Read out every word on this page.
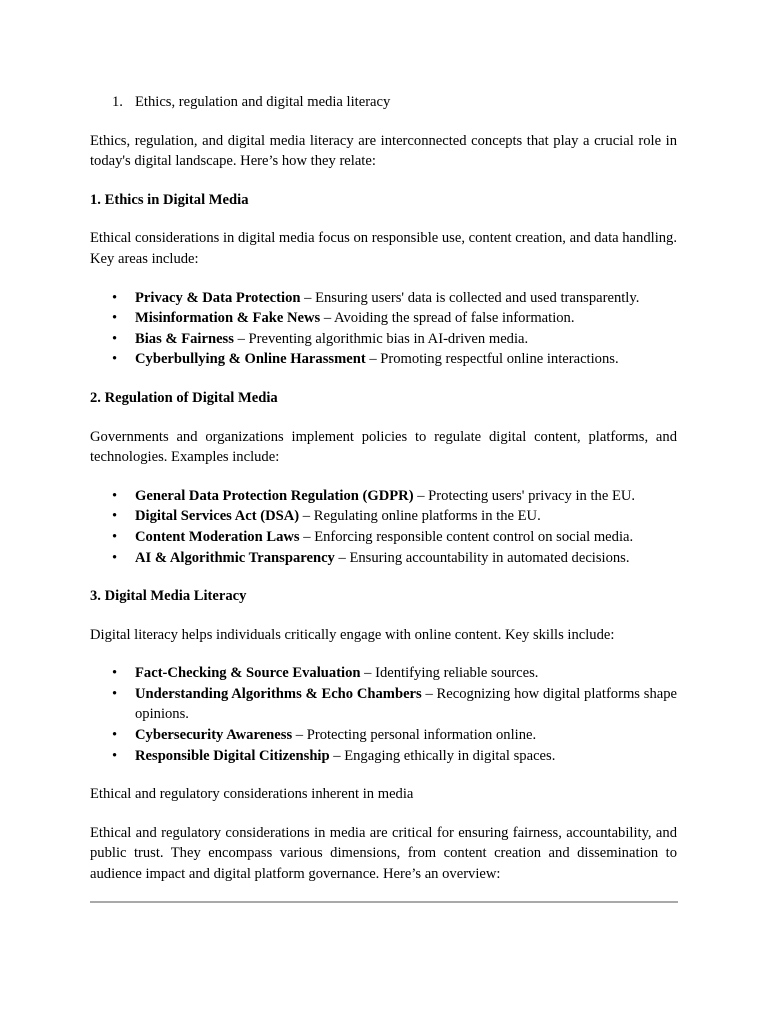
1. Ethics, regulation and digital media literacy

Ethics, regulation, and digital media literacy are interconnected concepts that play a crucial role in today's digital landscape. Here’s how they relate:

1. Ethics in Digital Media

Ethical considerations in digital media focus on responsible use, content creation, and data handling. Key areas include:

• Privacy & Data Protection – Ensuring users' data is collected and used transparently.
• Misinformation & Fake News – Avoiding the spread of false information.
• Bias & Fairness – Preventing algorithmic bias in AI-driven media.
• Cyberbullying & Online Harassment – Promoting respectful online interactions.

2. Regulation of Digital Media

Governments and organizations implement policies to regulate digital content, platforms, and technologies. Examples include:

• General Data Protection Regulation (GDPR) – Protecting users' privacy in the EU.
• Digital Services Act (DSA) – Regulating online platforms in the EU.
• Content Moderation Laws – Enforcing responsible content control on social media.
• AI & Algorithmic Transparency – Ensuring accountability in automated decisions.

3. Digital Media Literacy

Digital literacy helps individuals critically engage with online content. Key skills include:

• Fact-Checking & Source Evaluation – Identifying reliable sources.
• Understanding Algorithms & Echo Chambers – Recognizing how digital platforms shape opinions.
• Cybersecurity Awareness – Protecting personal information online.
• Responsible Digital Citizenship – Engaging ethically in digital spaces.

Ethical and regulatory considerations inherent in media

Ethical and regulatory considerations in media are critical for ensuring fairness, accountability, and public trust. They encompass various dimensions, from content creation and dissemination to audience impact and digital platform governance. Here’s an overview:
